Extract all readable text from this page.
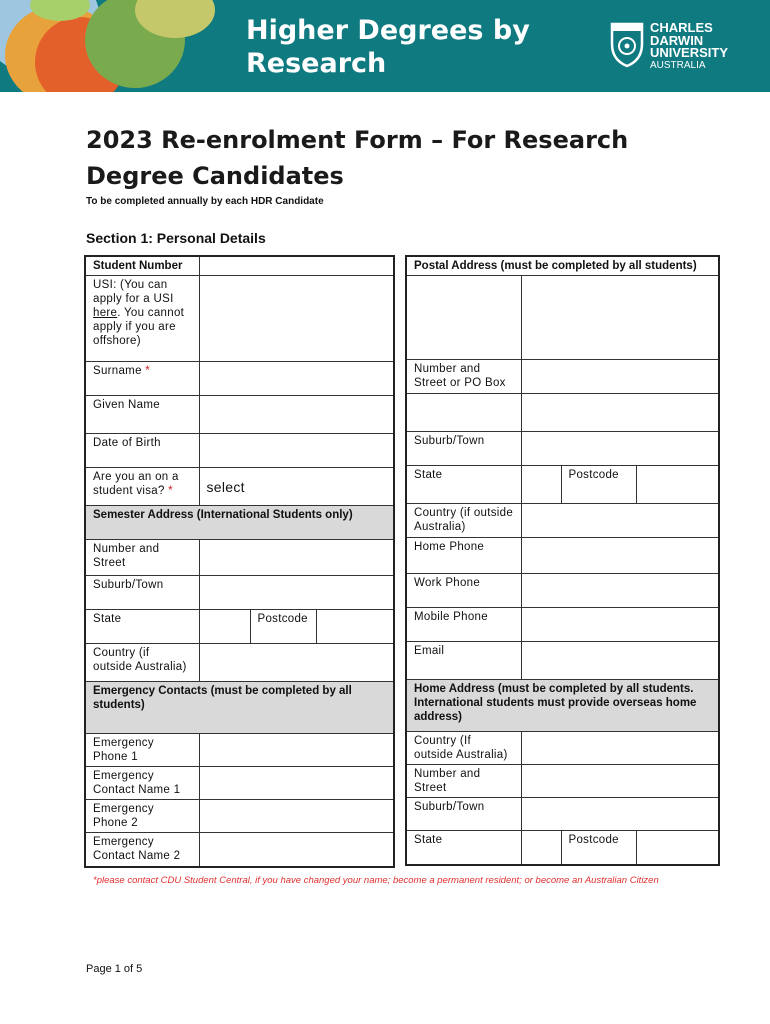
Higher Degrees by
Research
CHARLES
DARWIN
UNIVERSITY
AUSTRALIA
2023 Re-enrolment Form – For Research
Degree Candidates
To be completed annually by each HDR Candidate
Section 1: Personal Details
Student Number			
USI: (You can apply for a USI here. You cannot apply if you are offshore)			
Surname *			
Given Name			
Date of Birth			
Are you an on a student visa? *	select		
Semester Address (International Students only)			
Number and Street			
Suburb/Town			
State		Postcode	
Country (if outside Australia)			
Emergency Contacts (must be completed by all students)			
Emergency Phone 1			
Emergency Contact Name 1			
Emergency Phone 2			
Emergency Contact Name 2			
Postal Address (must be completed by all students)			

Number and Street or PO Box			

Suburb/Town			
State		Postcode	
Country (if outside Australia)			
Home Phone			
Work Phone			
Mobile Phone			
Email			
Home Address (must be completed by all students. International students must provide overseas home address)			
Country (If outside Australia)			
Number and Street			
Suburb/Town			
State		Postcode	
*please contact CDU Student Central, if you have changed your name; become a permanent resident; or become an Australian Citizen
Page 1 of 5
